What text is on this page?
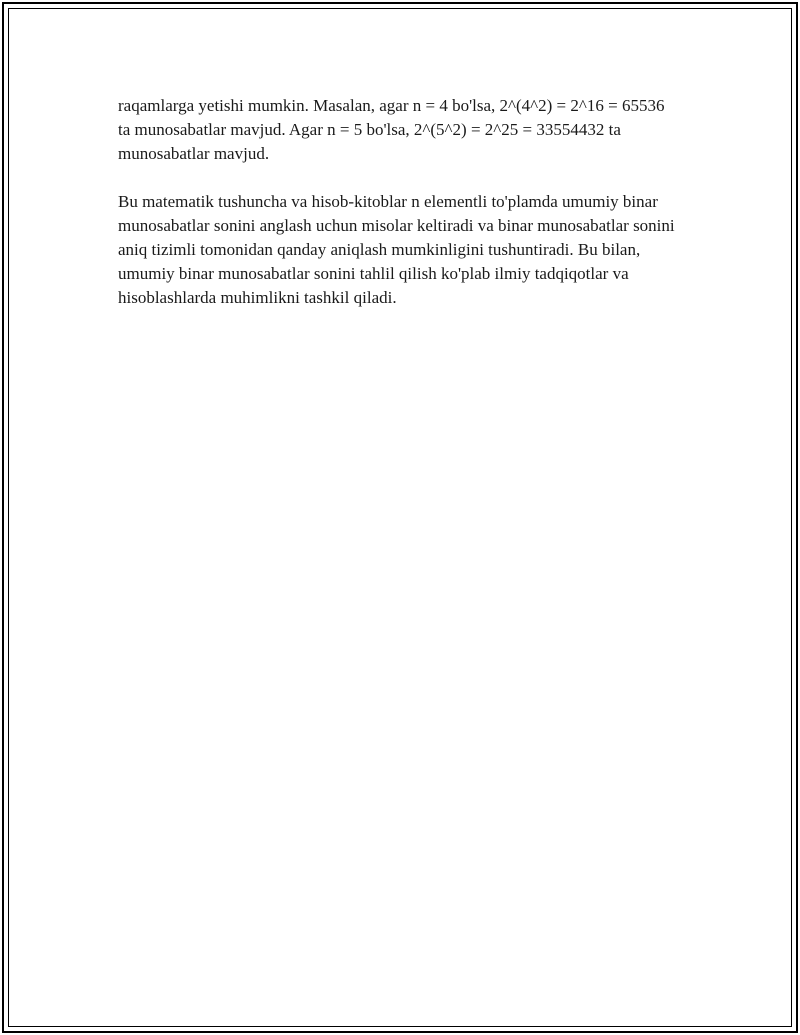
raqamlarga yetishi mumkin. Masalan, agar n = 4 bo'lsa, 2^(4^2) = 2^16 = 65536 ta munosabatlar mavjud. Agar n = 5 bo'lsa, 2^(5^2) = 2^25 = 33554432 ta munosabatlar mavjud.

Bu matematik tushuncha va hisob-kitoblar n elementli to'plamda umumiy binar munosabatlar sonini anglash uchun misolar keltiradi va binar munosabatlar sonini aniq tizimli tomonidan qanday aniqlash mumkinligini tushuntiradi. Bu bilan, umumiy binar munosabatlar sonini tahlil qilish ko'plab ilmiy tadqiqotlar va hisoblashlarda muhimlikni tashkil qiladi.
